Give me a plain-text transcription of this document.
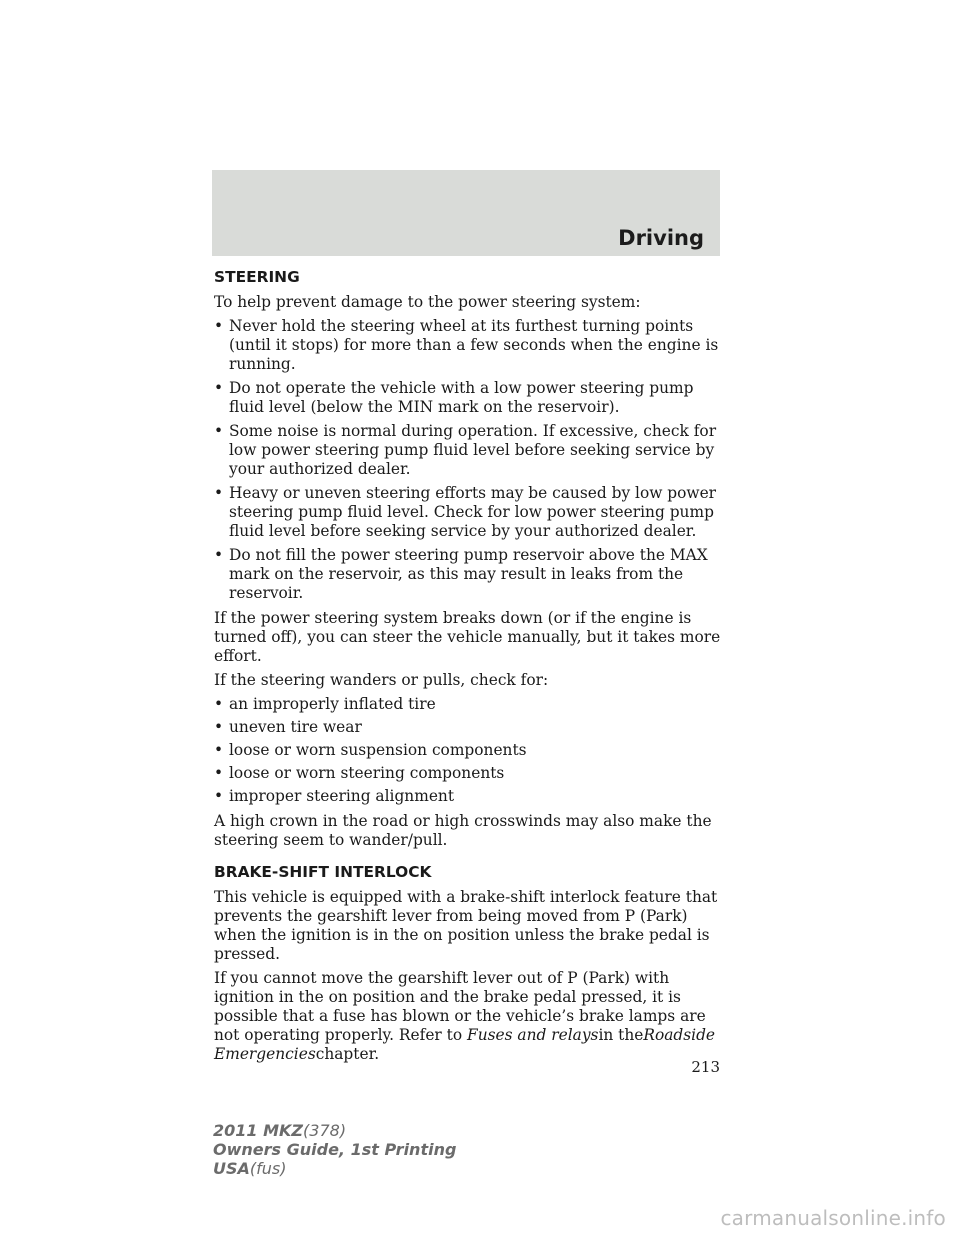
Driving
STEERING

To help prevent damage to the power steering system:

• Never hold the steering wheel at its furthest turning points (until it stops) for more than a few seconds when the engine is running.
• Do not operate the vehicle with a low power steering pump fluid level (below the MIN mark on the reservoir).
• Some noise is normal during operation. If excessive, check for low power steering pump fluid level before seeking service by your authorized dealer.
• Heavy or uneven steering efforts may be caused by low power steering pump fluid level. Check for low power steering pump fluid level before seeking service by your authorized dealer.
• Do not fill the power steering pump reservoir above the MAX mark on the reservoir, as this may result in leaks from the reservoir.

If the power steering system breaks down (or if the engine is turned off), you can steer the vehicle manually, but it takes more effort.

If the steering wanders or pulls, check for:

• an improperly inflated tire
• uneven tire wear
• loose or worn suspension components
• loose or worn steering components
• improper steering alignment

A high crown in the road or high crosswinds may also make the steering seem to wander/pull.

BRAKE-SHIFT INTERLOCK

This vehicle is equipped with a brake-shift interlock feature that prevents the gearshift lever from being moved from P (Park) when the ignition is in the on position unless the brake pedal is pressed.

If you cannot move the gearshift lever out of P (Park) with ignition in the on position and the brake pedal pressed, it is possible that a fuse has blown or the vehicle’s brake lamps are not operating properly. Refer to Fuses and relaysin theRoadside Emergencieschapter.

213
2011 MKZ(378)
Owners Guide, 1st Printing
USA(fus)
carmanualsonline.info
